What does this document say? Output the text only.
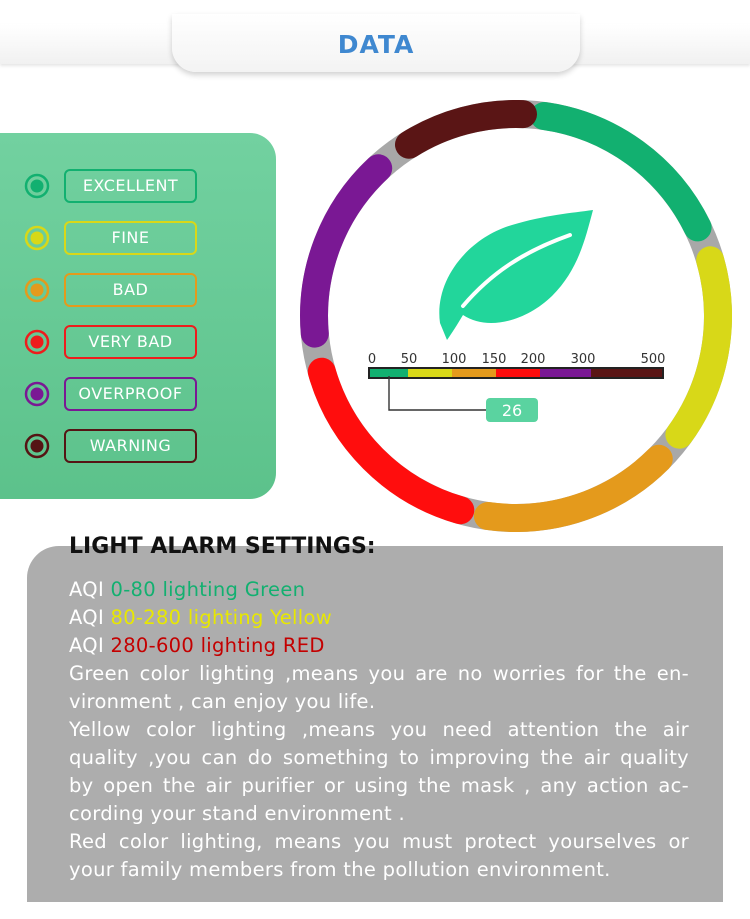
DATA
EXCELLENT
FINE
BAD
VERY BAD
OVERPROOF
WARNING
0 50 100 150 200 300	500
26
LIGHT ALARM SETTINGS:
AQI 0-80 lighting Green
AQI 80-280 lighting Yellow
AQI 280-600 lighting RED
Green color lighting ,means you are no worries for the en-
vironment , can enjoy you life.
Yellow color lighting ,means you need attention the air
quality ,you can do something to improving the air quality
by open the air purifier or using the mask , any action ac-
cording your stand environment .
Red color lighting, means you must protect yourselves or
your family members from the pollution environment.
